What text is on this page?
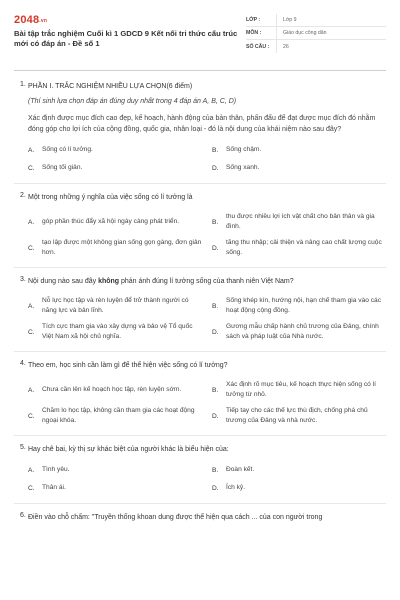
2048.vn
Bài tập trắc nghiệm Cuối kì 1 GDCD 9 Kết nối tri thức cấu trúc mới có đáp án - Đề số 1
LỚP :	Lớp 9
MÔN :	Giáo dục công dân
SỐ CÂU :	26
1. PHẦN I. TRẮC NGHIỆM NHIỀU LỰA CHỌN(6 điểm)
(Thí sinh lựa chọn đáp án đúng duy nhất trong 4 đáp án A, B, C, D)
Xác định được mục đích cao đẹp, kế hoạch, hành động của bản thân, phấn đấu để đạt được mục đích đó nhằm đóng góp cho lợi ích của cộng đồng, quốc gia, nhân loại - đó là nội dung của khái niệm nào sau đây?
A.	Sống có lí tưởng.	B.	Sống chậm.
C.	Sống tối giản.	D.	Sống xanh.
2. Một trong những ý nghĩa của việc sống có lí tưởng là
A.	góp phần thúc đẩy xã hội ngày càng phát triển.	B.
thu được nhiều lợi ích vật chất cho bản thân và gia đình.
C.
tạo lập được một không gian sống gọn gàng, đơn giản hơn.
D.
tăng thu nhập; cải thiện và nâng cao chất lượng cuộc sống.
3. Nội dung nào sau đây không phản ánh đúng lí tưởng sống của thanh niên Việt Nam?
A.
Nỗ lực học tập và rèn luyện để trở thành người có năng lực và bản lĩnh.
B.
Sống khép kín, hướng nội, hạn chế tham gia vào các hoạt động cộng đồng.
C.
Tích cực tham gia vào xây dựng và bảo vệ Tổ quốc Việt Nam xã hội chủ nghĩa.
D.
Gương mẫu chấp hành chủ trương của Đảng, chính sách và pháp luật của Nhà nước.
4. Theo em, học sinh cần làm gì để thể hiện việc sống có lí tưởng?
A.	Chưa cần lên kế hoạch học tập, rèn luyện sớm.	B.
Xác định rõ mục tiêu, kế hoạch thực hiện sống có lí tưởng từ nhỏ.
C.
Chăm lo học tập, không cần tham gia các hoạt động ngoại khóa.
D.
Tiếp tay cho các thế lực thù địch, chống phá chủ trương của Đảng và nhà nước.
5. Hay chê bai, kỳ thị sự khác biệt của người khác là biểu hiện của:
A.	Tình yêu.	B.	Đoàn kết.
C.	Thân ái.	D.	Ích kỷ.
6. Điền vào chỗ chấm: "Truyền thống khoan dung được thể hiện qua cách ... của con người trong
